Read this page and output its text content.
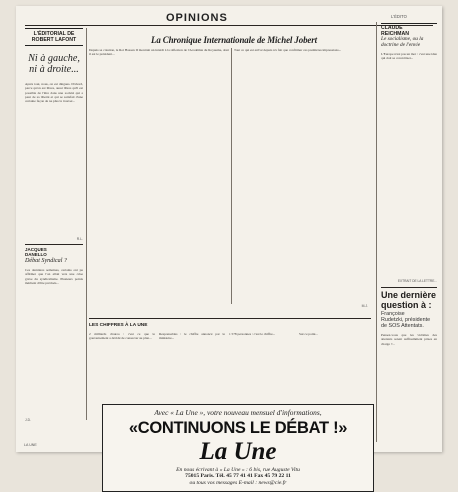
OPINIONS	L'ÉDITO
L'ÉDITORIAL DE
ROBERT LAFONT
Ni à gauche,
ni à droite...
Après tout, nous, on est dingues. D'abord, parce qu'on est libres, aussi libres qu'il est possible de l'être dans une société qui a peur de sa liberté et qui se satisfait d'une certaine façon de ne plus la trouver...
R.L.
JACQUES
DANELLO
Débat Syndical ?
Ces dernières semaines, certains ont pu affirmer que l'on allait vers une crise grave du syndicalisme. Plusieurs points méritent d'être précisés...
J.D.
La Chronique Internationale de Michel Jobert
Depuis sa création, le Roi Hassan II montrait un intérêt à la réflexion de l'Académie du Royaume, dont il est le président...
Tout ce qui est arrivé depuis n'a fait que confirmer ces premières impressions...
M.J.
CLAUDE
REICHMAN
Le socialisme, ou la
doctrine de l'envie
L'Europe n'est pas un mot : c'est une idée qui doit se concrétiser...
EXTRAIT DE LA LETTRE...
Une dernière
question à :
Françoise
Rudetzki, présidente
de SOS Attentats.
Pensez-vous que les victimes des attentats soient suffisamment prises en charge ?...
LES CHIFFRES À LA UNE
2 milliards d'euros : c'est ce que le gouvernement a décidé de consacrer au plan...
Responsables : le chiffre annoncé par le ministère...
1 578 personnes : c'est le chiffre...	Sur ce point...
Avec « La Une », votre nouveau mensuel d'informations,
«CONTINUONS LE DÉBAT !»
La Une
En nous écrivant à « La Une » : 6 bis, rue Auguste Vitu
75015 Paris. Tél. 45 77 41 41 Fax 45 79 22 11
ou tous vos messages E-mail : news@cie.fr
LA UNE
